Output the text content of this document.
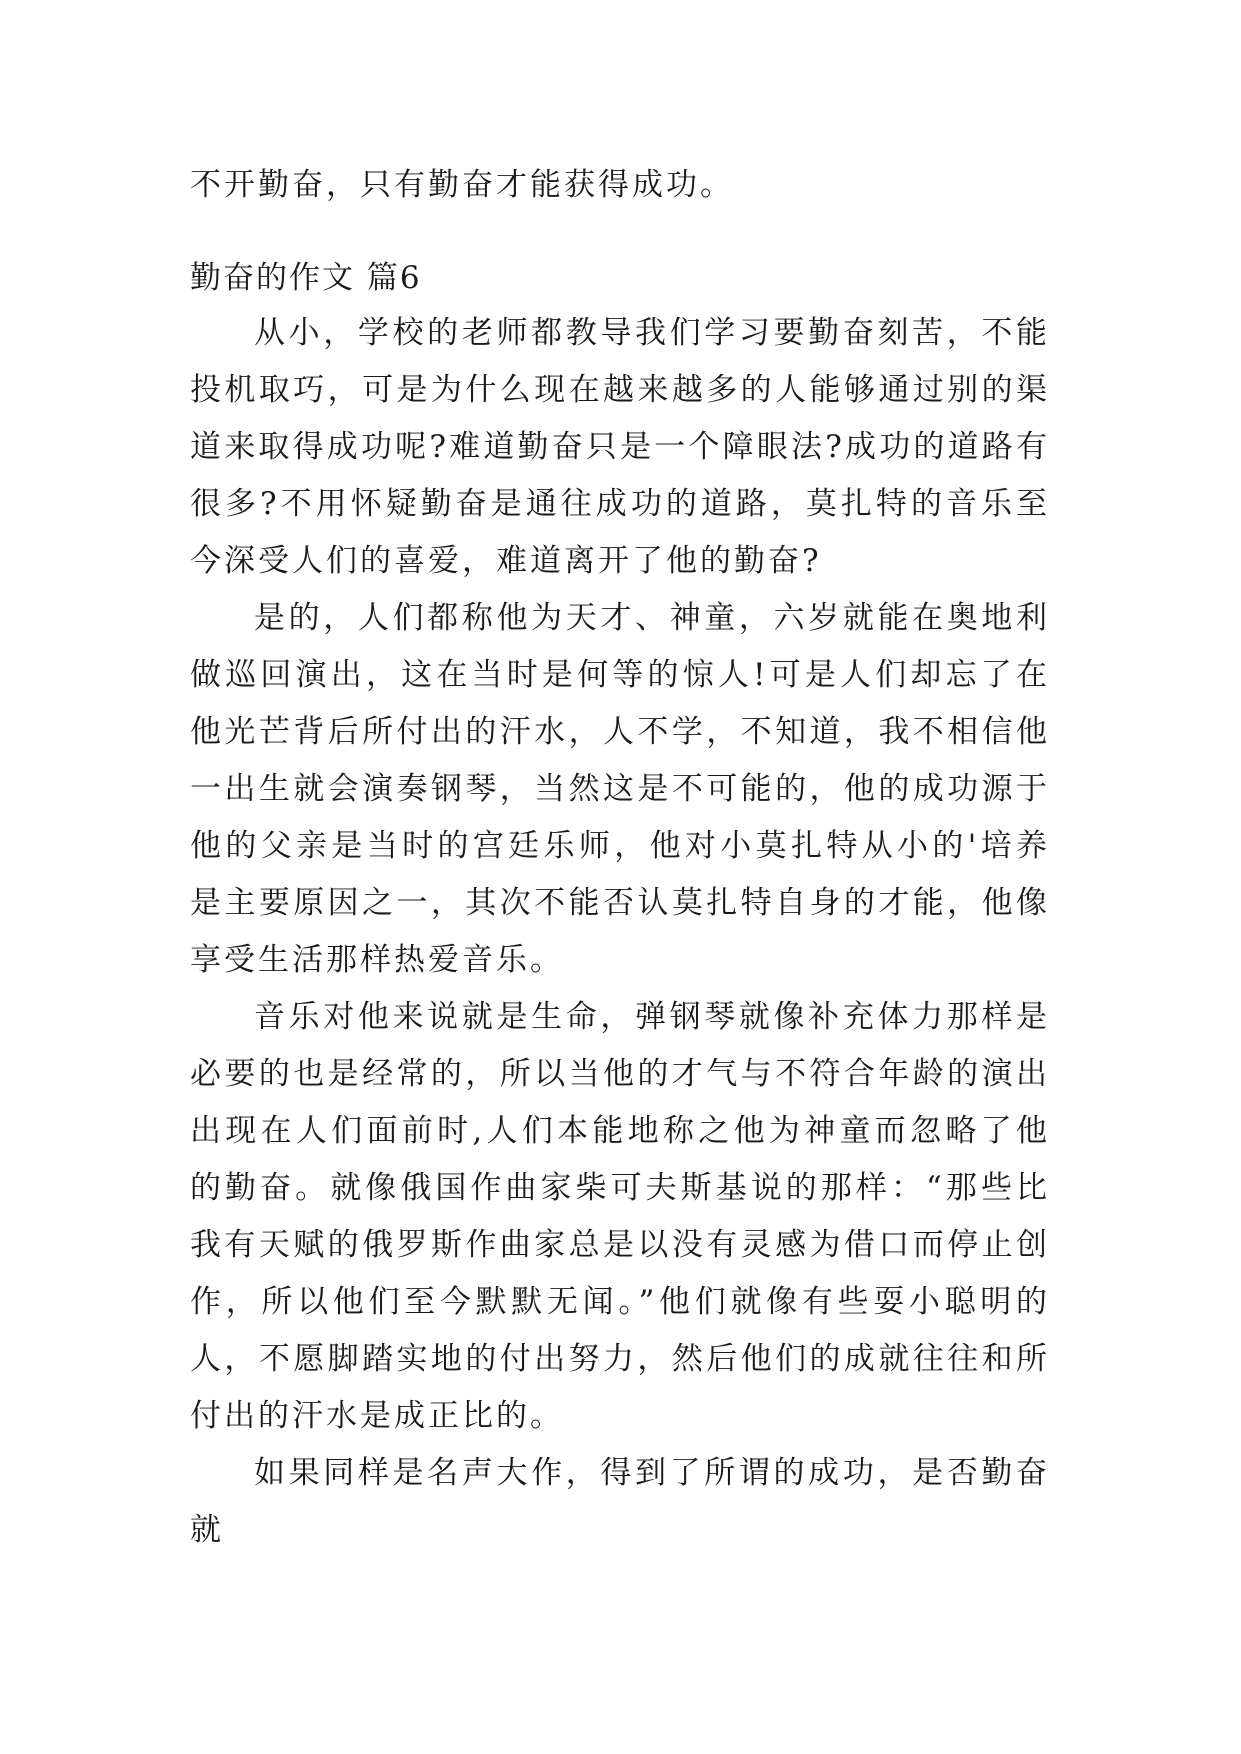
不开勤奋，只有勤奋才能获得成功。
勤奋的作文 篇6

从小，学校的老师都教导我们学习要勤奋刻苦，不能投机取巧，可是为什么现在越来越多的人能够通过别的渠道来取得成功呢?难道勤奋只是一个障眼法?成功的道路有很多?不用怀疑勤奋是通往成功的道路，莫扎特的音乐至今深受人们的喜爱，难道离开了他的勤奋?

是的，人们都称他为天才、神童，六岁就能在奥地利做巡回演出，这在当时是何等的惊人!可是人们却忘了在他光芒背后所付出的汗水，人不学，不知道，我不相信他一出生就会演奏钢琴，当然这是不可能的，他的成功源于他的父亲是当时的宫廷乐师，他对小莫扎特从小的'培养是主要原因之一，其次不能否认莫扎特自身的才能，他像享受生活那样热爱音乐。

音乐对他来说就是生命，弹钢琴就像补充体力那样是必要的也是经常的，所以当他的才气与不符合年龄的演出出现在人们面前时,人们本能地称之他为神童而忽略了他的勤奋。就像俄国作曲家柴可夫斯基说的那样：“那些比我有天赋的俄罗斯作曲家总是以没有灵感为借口而停止创作，所以他们至今默默无闻。”他们就像有些耍小聪明的人，不愿脚踏实地的付出努力，然后他们的成就往往和所付出的汗水是成正比的。

如果同样是名声大作，得到了所谓的成功，是否勤奋就
